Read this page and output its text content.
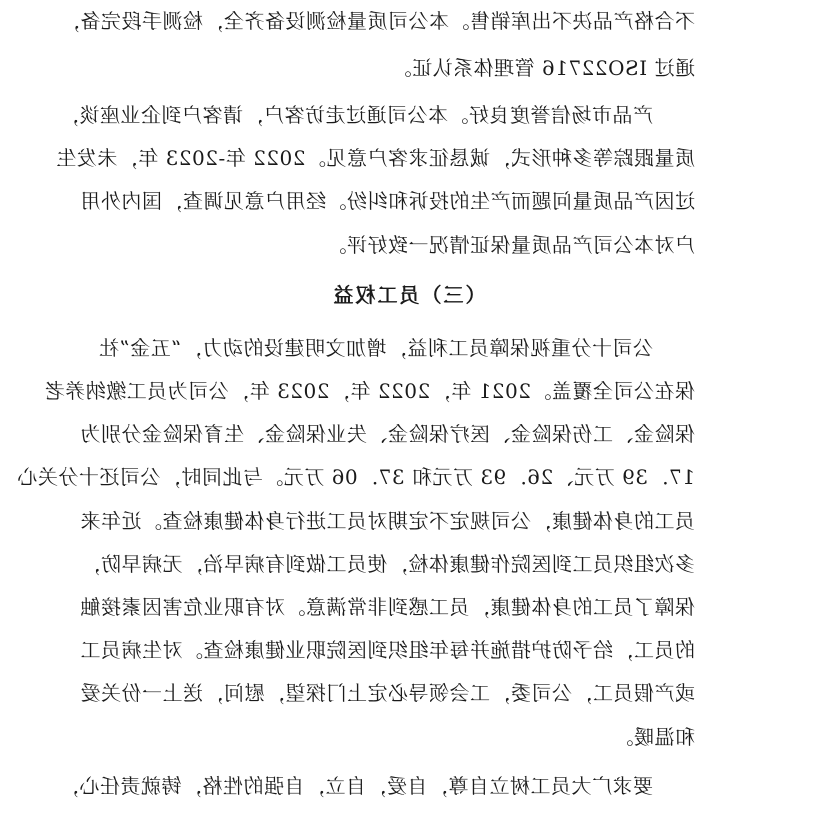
不合格产品决不出库销售。本公司质量检测设备齐全，检测手段完备，
通过 ISO22716 管理体系认证。
产品市场信誉度良好。本公司通过走访客户，请客户到企业座谈，
质量跟踪等多种形式，诚恳征求客户意见。2022 年-2023 年，未发生
过因产品质量问题而产生的投诉和纠纷。经用户意见调查，国内外用
户对本公司产品质量保证情况一致好评。
（三）员工权益
公司十分重视保障员工利益，增加文明建设的动力，“五金”社
保在公司全覆盖。2021 年，2022 年，2023 年，公司为员工缴纳养老
保险金、工伤保险金、医疗保险金、失业保险金、生育保险金分别为
17．39 万元、26．93 万元和 37．06 万元。与此同时，公司还十分关心
员工的身体健康，公司规定不定期对员工进行身体健康检查。近年来
多次组织员工到医院作健康体检，使员工做到有病早治，无病早防，
保障了员工的身体健康，员工感到非常满意。对有职业危害因素接触
的员工，给予防护措施并每年组织到医院职业健康检查。对生病员工
或产假员工，公司委，工会领导必定上门探望，慰问，送上一份关爱
和温暖。
要求广大员工树立自尊，自爱，自立，自强的性格，铸就责任心，
